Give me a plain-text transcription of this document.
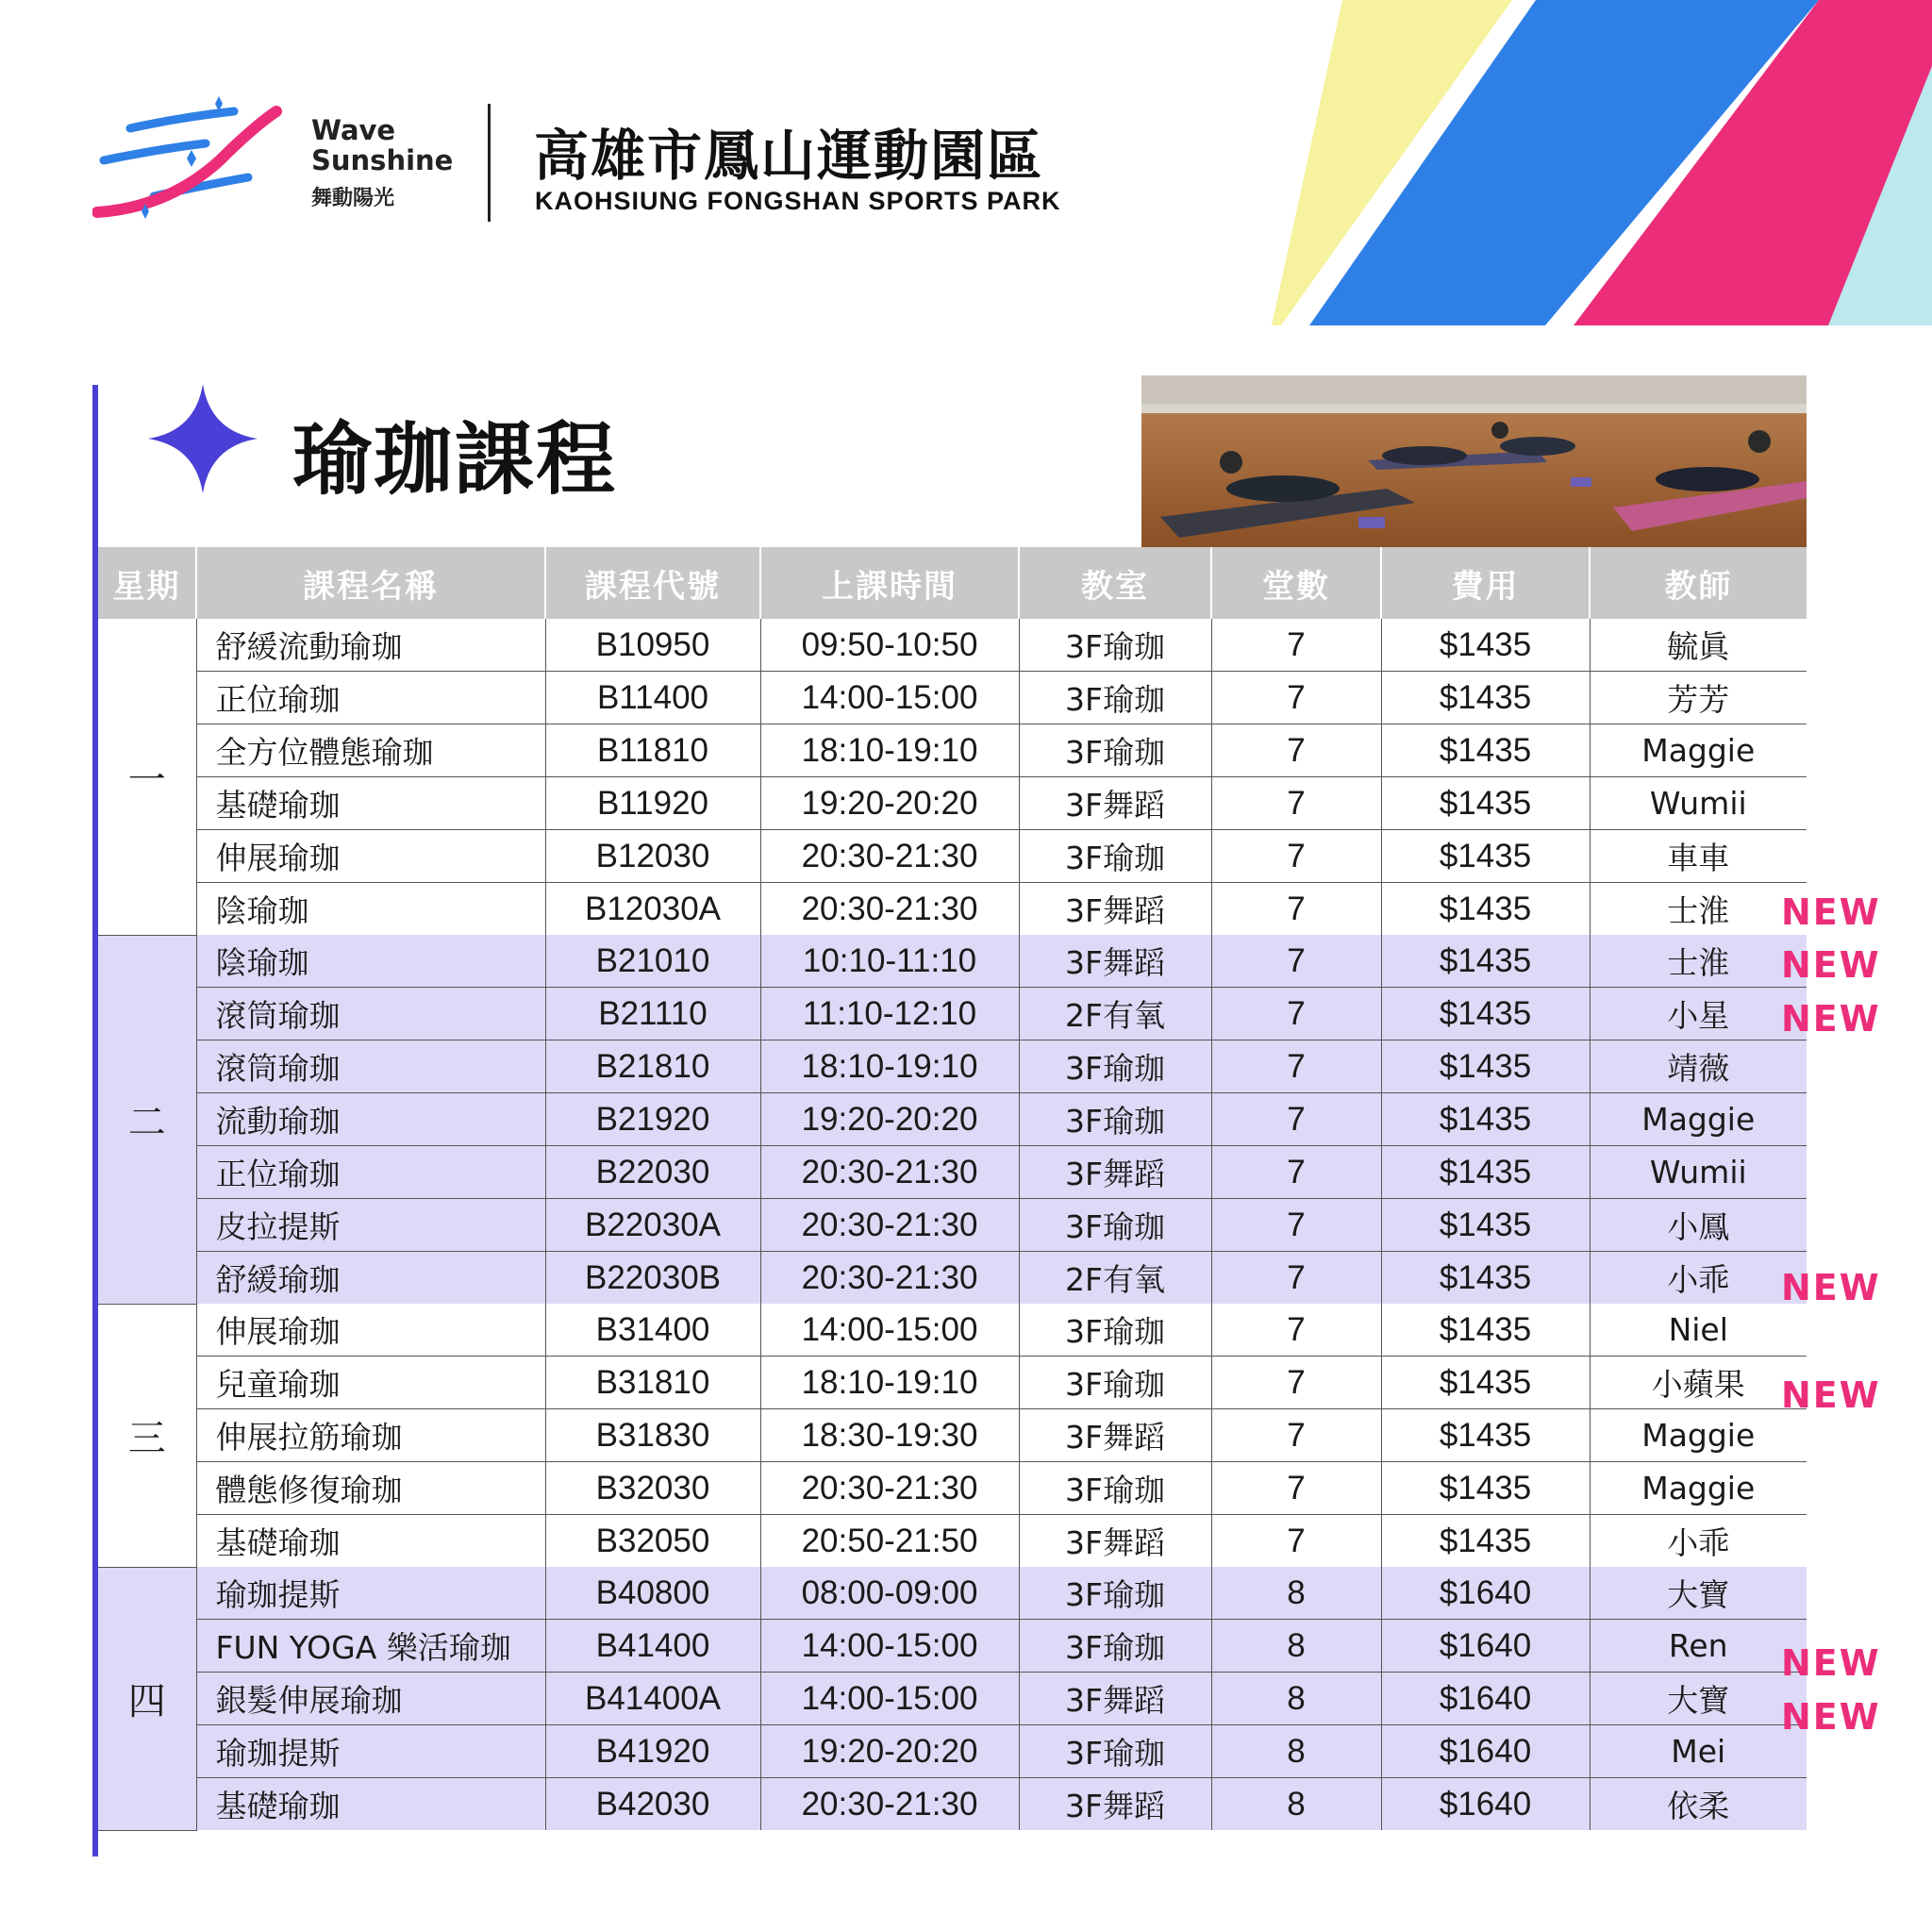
Wave
Sunshine
舞動陽光
高雄市鳳山運動園區
KAOHSIUNG FONGSHAN SPORTS PARK
瑜珈課程
星期	課程名稱	課程代號	上課時間	教室	堂數	費用	教師
一	舒緩流動瑜珈	B10950	09:50-10:50	3F瑜珈	7	$1435	毓眞
	正位瑜珈	B11400	14:00-15:00	3F瑜珈	7	$1435	芳芳
	全方位體態瑜珈	B11810	18:10-19:10	3F瑜珈	7	$1435	Maggie
	基礎瑜珈	B11920	19:20-20:20	3F舞蹈	7	$1435	Wumii
	伸展瑜珈	B12030	20:30-21:30	3F瑜珈	7	$1435	車車
	陰瑜珈	B12030A	20:30-21:30	3F舞蹈	7	$1435	士淮
二	陰瑜珈	B21010	10:10-11:10	3F舞蹈	7	$1435	士淮
	滾筒瑜珈	B21110	11:10-12:10	2F有氧	7	$1435	小星
	滾筒瑜珈	B21810	18:10-19:10	3F瑜珈	7	$1435	靖薇
	流動瑜珈	B21920	19:20-20:20	3F瑜珈	7	$1435	Maggie
	正位瑜珈	B22030	20:30-21:30	3F舞蹈	7	$1435	Wumii
	皮拉提斯	B22030A	20:30-21:30	3F瑜珈	7	$1435	小鳳
	舒緩瑜珈	B22030B	20:30-21:30	2F有氧	7	$1435	小乖
三	伸展瑜珈	B31400	14:00-15:00	3F瑜珈	7	$1435	Niel
	兒童瑜珈	B31810	18:10-19:10	3F瑜珈	7	$1435	小蘋果
	伸展拉筋瑜珈	B31830	18:30-19:30	3F舞蹈	7	$1435	Maggie
	體態修復瑜珈	B32030	20:30-21:30	3F瑜珈	7	$1435	Maggie
	基礎瑜珈	B32050	20:50-21:50	3F舞蹈	7	$1435	小乖
四	瑜珈提斯	B40800	08:00-09:00	3F瑜珈	8	$1640	大寶
	FUN YOGA 樂活瑜珈	B41400	14:00-15:00	3F瑜珈	8	$1640	Ren
	銀髮伸展瑜珈	B41400A	14:00-15:00	3F舞蹈	8	$1640	大寶
	瑜珈提斯	B41920	19:20-20:20	3F瑜珈	8	$1640	Mei
	基礎瑜珈	B42030	20:30-21:30	3F舞蹈	8	$1640	依柔
NEW
NEW
NEW
NEW
NEW
NEW
NEW
